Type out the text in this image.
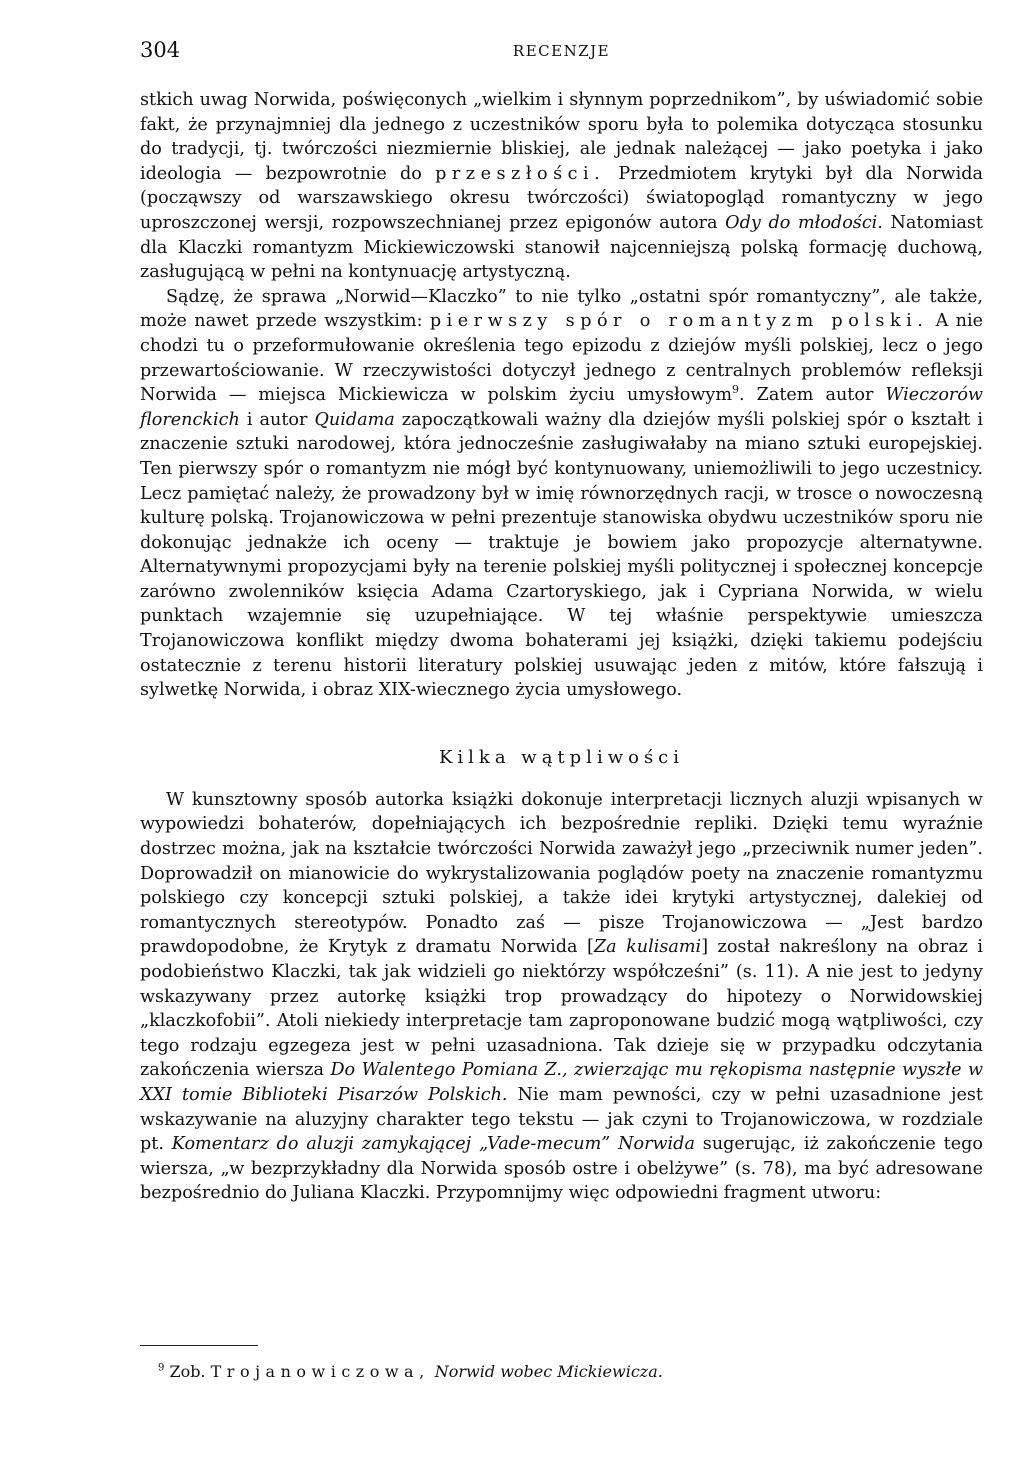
304	RECENZJE

stkich uwag Norwida, poświęconych „wielkim i słynnym poprzednikom”, by uświadomić sobie fakt, że przynajmniej dla jednego z uczestników sporu była to polemika dotycząca stosunku do tradycji, tj. twórczości niezmiernie bliskiej, ale jednak należącej — jako poetyka i jako ideologia — bezpowrotnie do przeszłości. Przedmiotem krytyki był dla Norwida (począwszy od warszawskiego okresu twórczości) światopogląd romantyczny w jego uproszczonej wersji, rozpowszechnianej przez epigonów autora Ody do młodości. Natomiast dla Klaczki romantyzm Mickiewiczowski stanowił najcenniejszą polską formację duchową, zasługującą w pełni na kontynuację artystyczną.

Sądzę, że sprawa „Norwid—Klaczko” to nie tylko „ostatni spór romantyczny”, ale także, może nawet przede wszystkim: pierwszy spór o romantyzm polski. A nie chodzi tu o przeformułowanie określenia tego epizodu z dziejów myśli polskiej, lecz o jego przewartościowanie. W rzeczywistości dotyczył jednego z centralnych problemów refleksji Norwida — miejsca Mickiewicza w polskim życiu umysłowym$^9$. Zatem autor Wieczorów florenckich i autor Quidama zapoczątkowali ważny dla dziejów myśli polskiej spór o kształt i znaczenie sztuki narodowej, która jednocześnie zasługiwałaby na miano sztuki europejskiej. Ten pierwszy spór o romantyzm nie mógł być kontynuowany, uniemożliwili to jego uczestnicy. Lecz pamiętać należy, że prowadzony był w imię równorzędnych racji, w trosce o nowoczesną kulturę polską. Trojanowiczowa w pełni prezentuje stanowiska obydwu uczestników sporu nie dokonując jednakże ich oceny — traktuje je bowiem jako propozycje alternatywne. Alternatywnymi propozycjami były na terenie polskiej myśli politycznej i społecznej koncepcje zarówno zwolenników księcia Adama Czartoryskiego, jak i Cypriana Norwida, w wielu punktach wzajemnie się uzupełniające. W tej właśnie perspektywie umieszcza Trojanowiczowa konflikt między dwoma bohaterami jej książki, dzięki takiemu podejściu ostatecznie z terenu historii literatury polskiej usuwając jeden z mitów, które fałszują i sylwetkę Norwida, i obraz XIX-wiecznego życia umysłowego.

Kilka wątpliwości

W kunsztowny sposób autorka książki dokonuje interpretacji licznych aluzji wpisanych w wypowiedzi bohaterów, dopełniających ich bezpośrednie repliki. Dzięki temu wyraźnie dostrzec można, jak na kształcie twórczości Norwida zaważył jego „przeciwnik numer jeden”. Doprowadził on mianowicie do wykrystalizowania poglądów poety na znaczenie romantyzmu polskiego czy koncepcji sztuki polskiej, a także idei krytyki artystycznej, dalekiej od romantycznych stereotypów. Ponadto zaś — pisze Trojanowiczowa — „Jest bardzo prawdopodobne, że Krytyk z dramatu Norwida [Za kulisami] został nakreślony na obraz i podobieństwo Klaczki, tak jak widzieli go niektórzy współcześni” (s. 11). A nie jest to jedyny wskazywany przez autorkę książki trop prowadzący do hipotezy o Norwidowskiej „klaczkofobii”. Atoli niekiedy interpretacje tam zaproponowane budzić mogą wątpliwości, czy tego rodzaju egzegeza jest w pełni uzasadniona. Tak dzieje się w przypadku odczytania zakończenia wiersza Do Walentego Pomiana Z., zwierzając mu rękopisma następnie wyszłe w XXI tomie Biblioteki Pisarzów Polskich. Nie mam pewności, czy w pełni uzasadnione jest wskazywanie na aluzyjny charakter tego tekstu — jak czyni to Trojanowiczowa, w rozdziale pt. Komentarz do aluzji zamykającej „Vade-mecum” Norwida sugerując, iż zakończenie tego wiersza, „w bezprzykładny dla Norwida sposób ostre i obelżywe” (s. 78), ma być adresowane bezpośrednio do Juliana Klaczki. Przypomnijmy więc odpowiedni fragment utworu:

$^9$ Zob. Trojanowiczowa, Norwid wobec Mickiewicza.
